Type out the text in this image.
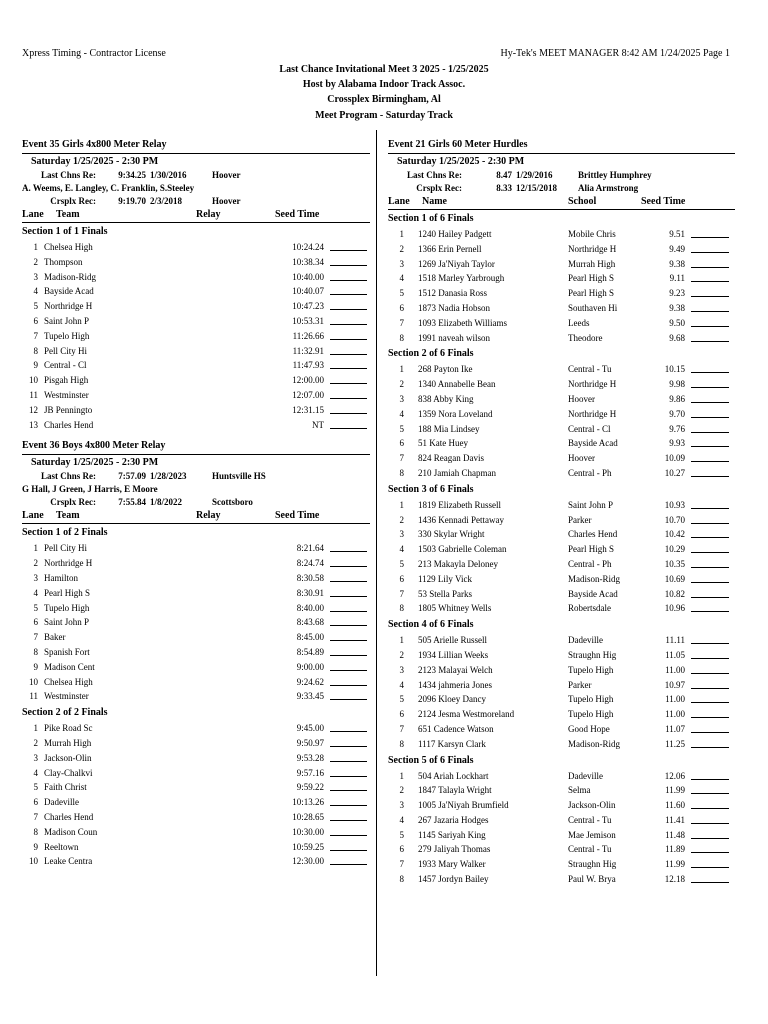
Xpress Timing - Contractor License	Hy-Tek's MEET MANAGER 8:42 AM 1/24/2025 Page 1
Last Chance Invitational Meet 3 2025 - 1/25/2025
Host by Alabama Indoor Track Assoc.
Crossplex Birmingham, Al
Meet Program - Saturday Track
Event 35 Girls 4x800 Meter Relay
Saturday 1/25/2025 - 2:30 PM
Last Chns Re: 9:34.25 1/30/2016	Hoover
A. Weems, E. Langley, C. Franklin, S.Steeley
Crsplx Rec: 9:19.70 2/3/2018	Hoover
Lane Team	Relay	Seed Time
Section 1 of 1 Finals
1 Chelsea High	10:24.24
2 Thompson	10:38.34
3 Madison-Ridg	10:40.00
4 Bayside Acad	10:40.07
5 Northridge H	10:47.23
6 Saint John P	10:53.31
7 Tupelo High	11:26.66
8 Pell City Hi	11:32.91
9 Central - Cl	11:47.93
10 Pisgah High	12:00.00
11 Westminster	12:07.00
12 JB Penningto	12:31.15
13 Charles Hend	NT
Event 36 Boys 4x800 Meter Relay
Saturday 1/25/2025 - 2:30 PM
Last Chns Re: 7:57.09 1/28/2023	Huntsville HS
G Hall, J Green, J Harris, E Moore
Crsplx Rec: 7:55.84 1/8/2022	Scottsboro
Lane Team	Relay	Seed Time
Section 1 of 2 Finals
1 Pell City Hi	8:21.64
2 Northridge H	8:24.74
3 Hamilton	8:30.58
4 Pearl High S	8:30.91
5 Tupelo High	8:40.00
6 Saint John P	8:43.68
7 Baker	8:45.00
8 Spanish Fort	8:54.89
9 Madison Cent	9:00.00
10 Chelsea High	9:24.62
11 Westminster	9:33.45
Section 2 of 2 Finals
1 Pike Road Sc	9:45.00
2 Murrah High	9:50.97
3 Jackson-Olin	9:53.28
4 Clay-Chalkvi	9:57.16
5 Faith Christ	9:59.22
6 Dadeville	10:13.26
7 Charles Hend	10:28.65
8 Madison Coun	10:30.00
9 Reeltown	10:59.25
10 Leake Centra	12:30.00
Event 21 Girls 60 Meter Hurdles
Saturday 1/25/2025 - 2:30 PM
Last Chns Re:	8.47 1/29/2016	Brittley Humphrey
Crsplx Rec:	8.33 12/15/2018 Alia Armstrong
Lane Name	School	Seed Time
Section 1 of 6 Finals
1 1240 Hailey Padgett	Mobile Chris	9.51
2 1366 Erin Pernell	Northridge H	9.49
3 1269 Ja'Niyah Taylor	Murrah High	9.38
4 1518 Marley Yarbrough	Pearl High S	9.11
5 1512 Danasia Ross	Pearl High S	9.23
6 1873 Nadia Hobson	Southaven Hi	9.38
7 1093 Elizabeth Williams	Leeds	9.50
8 1991 naveah wilson	Theodore	9.68
Section 2 of 6 Finals
1 268 Payton Ike	Central - Tu	10.15
2 1340 Annabelle Bean	Northridge H	9.98
3 838 Abby King	Hoover	9.86
4 1359 Nora Loveland	Northridge H	9.70
5 188 Mia Lindsey	Central - Cl	9.76
6 51 Kate Huey	Bayside Acad	9.93
7 824 Reagan Davis	Hoover	10.09
8 210 Jamiah Chapman	Central - Ph	10.27
Section 3 of 6 Finals
1 1819 Elizabeth Russell	Saint John P	10.93
2 1436 Kennadi Pettaway	Parker	10.70
3 330 Skylar Wright	Charles Hend	10.42
4 1503 Gabrielle Coleman	Pearl High S	10.29
5 213 Makayla Deloney	Central - Ph	10.35
6 1129 Lily Vick	Madison-Ridg	10.69
7 53 Stella Parks	Bayside Acad	10.82
8 1805 Whitney Wells	Robertsdale	10.96
Section 4 of 6 Finals
1 505 Arielle Russell	Dadeville	11.11
2 1934 Lillian Weeks	Straughn Hig	11.05
3 2123 Malayai Welch	Tupelo High	11.00
4 1434 jahmeria Jones	Parker	10.97
5 2096 Kloey Dancy	Tupelo High	11.00
6 2124 Jesma Westmoreland	Tupelo High	11.00
7 651 Cadence Watson	Good Hope	11.07
8 1117 Karsyn Clark	Madison-Ridg	11.25
Section 5 of 6 Finals
1 504 Ariah Lockhart	Dadeville	12.06
2 1847 Talayla Wright	Selma	11.99
3 1005 Ja'Niyah Brumfield	Jackson-Olin	11.60
4 267 Jazaria Hodges	Central - Tu	11.41
5 1145 Sariyah King	Mae Jemison	11.48
6 279 Jaliyah Thomas	Central - Tu	11.89
7 1933 Mary Walker	Straughn Hig	11.99
8 1457 Jordyn Bailey	Paul W. Brya	12.18
